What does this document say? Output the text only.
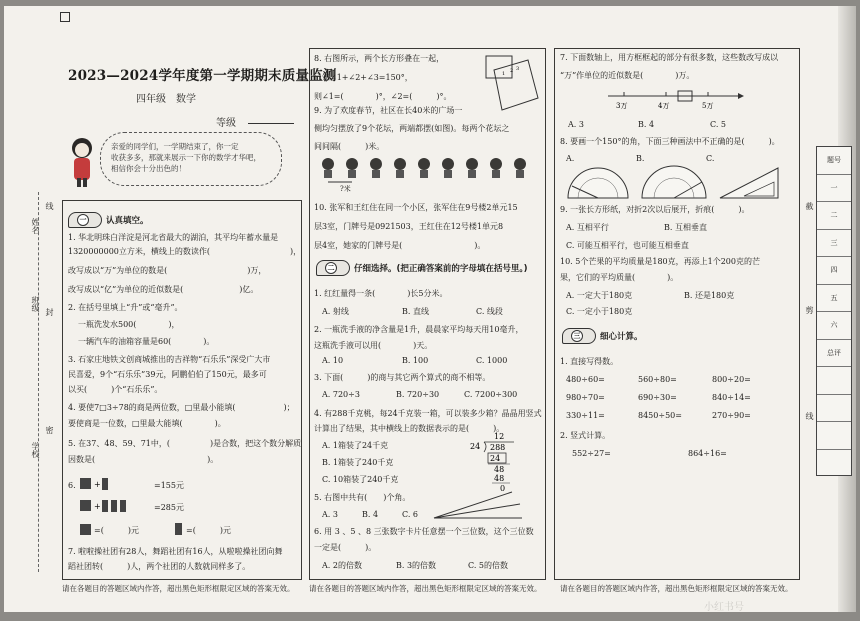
姓名
班级
学校
线
封
密
2023—2024学年度第一学期期末质量监测
四年级　数学
等级
亲爱的同学们，一学期结束了，你一定
收获多多，那就来展示一下你的数学才华吧，
相信你会十分出色的！
一 认真填空。
1. 华北明珠白洋淀是河北省最大的湖泊，其平均年蓄水量是
1320000000立方米，横线上的数读作(　　　　　　　　　　)，
改写成以“万”为单位的数是(　　　　　　　　　　)万，
改写成以“亿”为单位的近似数是(　　　　　　　)亿。
2. 在括号里填上“升”或“毫升”。
一瓶洗发水500(　　　　)，
一辆汽车的油箱容量是60(　　　　)。
3. 石家庄地铁文创商城推出的吉祥物“石乐乐”深受广大市
民喜爱，9个“石乐乐”39元，阿鹏伯伯了150元，最多可
以买(　　　)个“石乐乐”。
4. 要使7□3÷78的商是两位数，□里最小能填(　　　　　　)；
要使商是一位数，□里最大能填(　　　　)。
5. 在37、48、59、71中，(　　　　　)是合数，把这个数分解质
因数是(　　　　　　　　　　　　　　)。
6. +
+
=155元
=285元
=(　　　)元	=(　　　)元
7. 啦啦操社团有28人，舞蹈社团有16人，从啦啦操社团向舞
蹈社团转(　　　)人，两个社团的人数就同样多了。
8. 右图所示，两个长方形叠在一起，
已知∠1+∠2+∠3=150°，
则∠1=(　　　　)°，∠2=(　　　)°。
1 2 3
9. 为了欢度春节，社区在长40米的广场一
侧均匀摆放了9个花坛，两端都摆(如图)。每两个花坛之
间间隔(　　　)米。
?米
10. 张军和王红住在同一个小区，张军住在9号楼2单元15
层3室，门牌号是0921503，王红住在12号楼1单元8
层4室，她家的门牌号是(　　　　　　　　　)。
二 仔细选择。(把正确答案前的字母填在括号里。)
1. 红红量得一条(　　　　)长5分米。
A. 射线	B. 直线	C. 线段
2. 一瓶洗手液的净含量是1升，晨晨家平均每天用10毫升，
这瓶洗手液可以用(　　　　)天。
A. 10	B. 100	C. 1000
3. 下面(　　　)的商与其它两个算式的商不相等。
A. 720÷3	B. 720÷30	C. 7200÷300
4. 有288千克桃，每24千克装一箱，可以装多少箱？晶晶用竖式
计算出了结果，其中横线上的数据表示的是(　　　)。
A. 1箱装了24千克
B. 1箱装了240千克
C. 10箱装了240千克
12
24 288
24
48
48
0
5. 右图中共有(　　)个角。
A. 3	B. 4	C. 6
6. 用 3 、5 、8 三张数字卡片任意摆一个三位数，这个三位数
一定是(　　　)。
A. 2的倍数	B. 3的倍数	C. 5的倍数
7. 下面数轴上，用方框框起的部分有很多数，这些数改写成以
“万”作单位的近似数是(　　　　)万。
3万	4万	5万
A. 3	B. 4	C. 5
8. 要画一个150°的角，下面三种画法中不正确的是(　　　)。
A.	B.	C.
9. 一张长方形纸，对折2次以后展开，折痕(　　　)。
A. 互相平行	B. 互相垂直
C. 可能互相平行，也可能互相垂直
10. 5个芒果的平均质量是180克，再添上1个200克的芒
果，它们的平均质量(　　　　)。
A. 一定大于180克	B. 还是180克
C. 一定小于180克
三 细心计算。
1. 直接写得数。
480÷60=	560÷80=	800÷20=
980÷70=	690÷30=	840÷14=
330÷11=	8450÷50=	270÷90=
2. 竖式计算。
552÷27=	864÷16=
题号
一
二
三
四
五
六
总评
截
剪
线
请在各题目的答题区域内作答，超出黑色矩形框限定区域的答案无效。 请在各题目的答题区域内作答，超出黑色矩形框限定区域的答案无效。 请在各题目的答题区域内作答，超出黑色矩形框限定区域的答案无效。
小红书号
